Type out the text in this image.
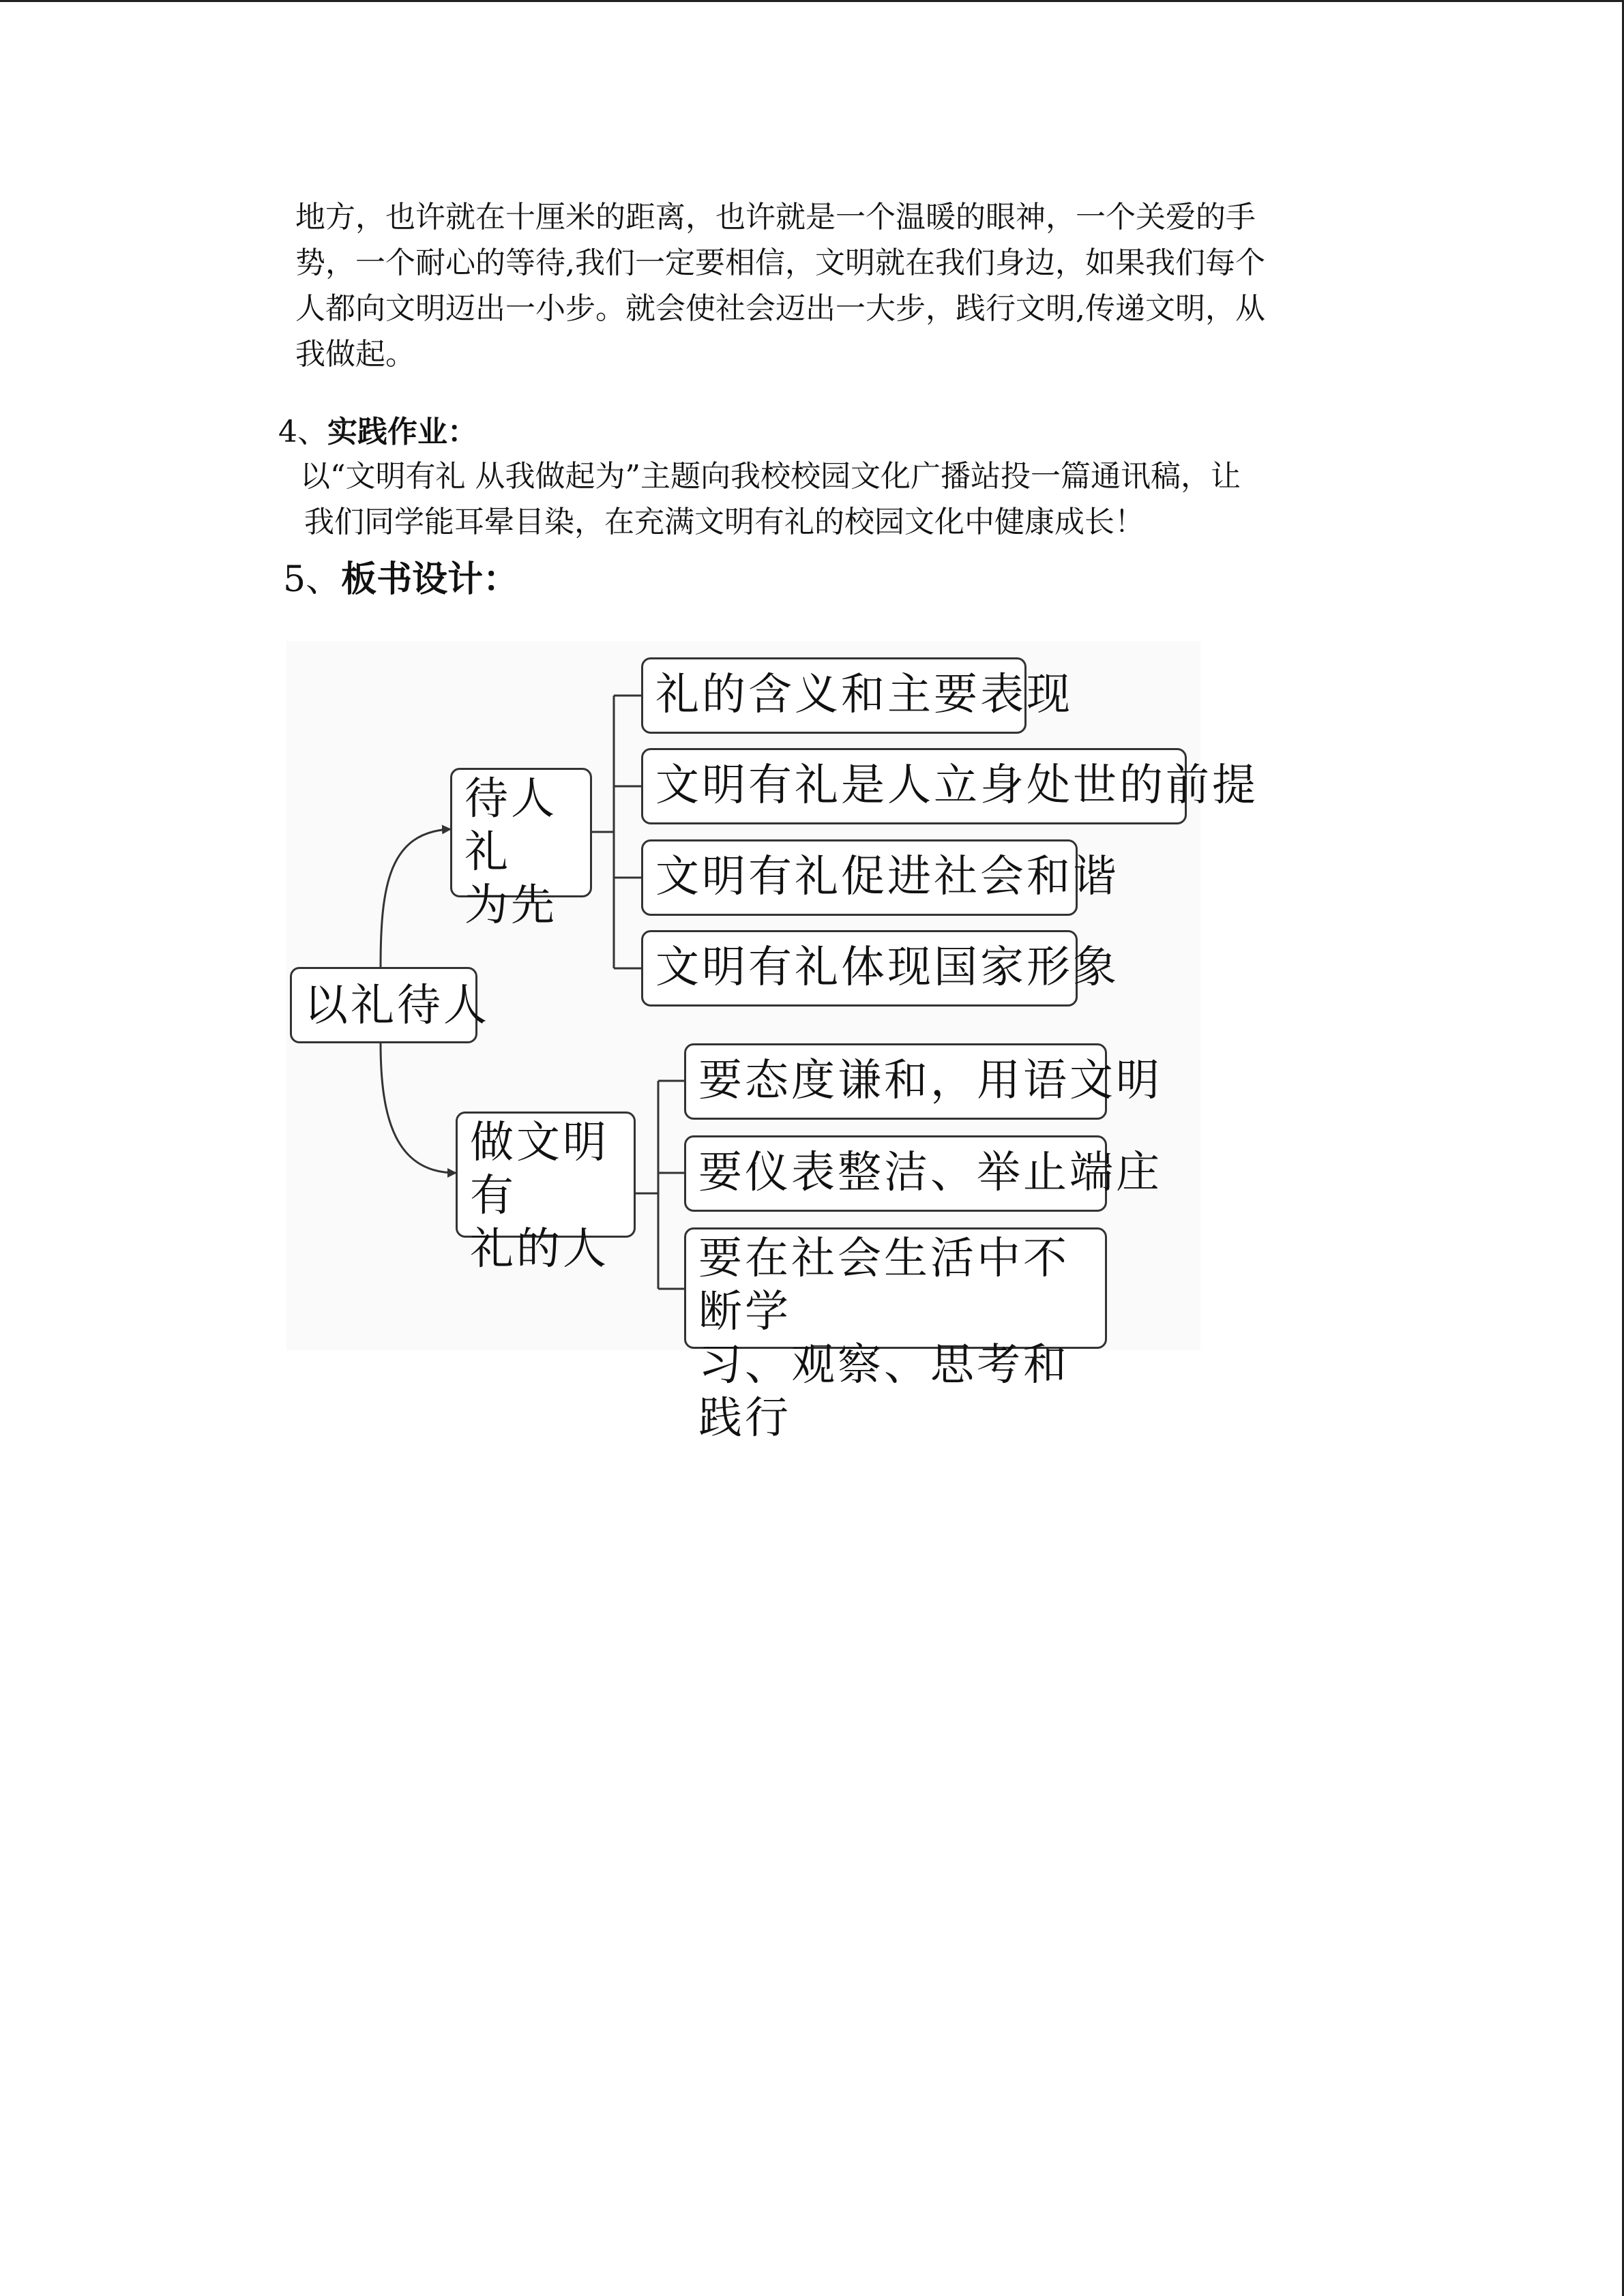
地方，也许就在十厘米的距离，也许就是一个温暖的眼神，一个关爱的手

势，一个耐心的等待,我们一定要相信，文明就在我们身边，如果我们每个

人都向文明迈出一小步。就会使社会迈出一大步，践行文明,传递文明，从

我做起。

4、实践作业：

以“文明有礼 从我做起为”主题向我校校园文化广播站投一篇通讯稿，让

我们同学能耳晕目染，在充满文明有礼的校园文化中健康成长！

5、板书设计：
以礼待人
待人礼
为先
礼的含义和主要表现
文明有礼是人立身处世的前提
文明有礼促进社会和谐
文明有礼体现国家形象
做文明有
礼的人
要态度谦和，用语文明
要仪表整洁、举止端庄
要在社会生活中不断学
习、观察、思考和践行
